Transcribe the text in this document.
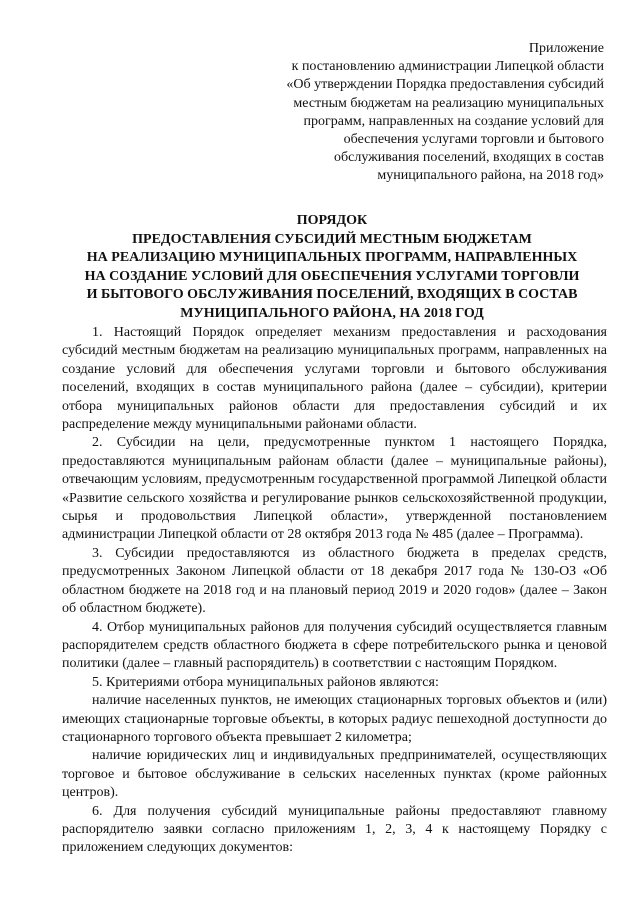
Приложение
к постановлению администрации Липецкой области
«Об утверждении Порядка предоставления субсидий
местным бюджетам на реализацию муниципальных
программ, направленных на создание условий для
обеспечения услугами торговли и бытового
обслуживания поселений, входящих в состав
муниципального района, на 2018 год»
ПОРЯДОК
ПРЕДОСТАВЛЕНИЯ СУБСИДИЙ МЕСТНЫМ БЮДЖЕТАМ
НА РЕАЛИЗАЦИЮ МУНИЦИПАЛЬНЫХ ПРОГРАММ, НАПРАВЛЕННЫХ
НА СОЗДАНИЕ УСЛОВИЙ ДЛЯ ОБЕСПЕЧЕНИЯ УСЛУГАМИ ТОРГОВЛИ
И БЫТОВОГО ОБСЛУЖИВАНИЯ ПОСЕЛЕНИЙ, ВХОДЯЩИХ В СОСТАВ
МУНИЦИПАЛЬНОГО РАЙОНА, НА 2018 ГОД

1. Настоящий Порядок определяет механизм предоставления и расходования субсидий местным бюджетам на реализацию муниципальных программ, направленных на создание условий для обеспечения услугами торговли и бытового обслуживания поселений, входящих в состав муниципального района (далее – субсидии), критерии отбора муниципальных районов области для предоставления субсидий и их распределение между муниципальными районами области.

2. Субсидии на цели, предусмотренные пунктом 1 настоящего Порядка, предоставляются муниципальным районам области (далее – муниципальные районы), отвечающим условиям, предусмотренным государственной программой Липецкой области «Развитие сельского хозяйства и регулирование рынков сельскохозяйственной продукции, сырья и продовольствия Липецкой области», утвержденной постановлением администрации Липецкой области от 28 октября 2013 года № 485 (далее – Программа).

3. Субсидии предоставляются из областного бюджета в пределах средств, предусмотренных Законом Липецкой области от 18 декабря 2017 года № 130-ОЗ «Об областном бюджете на 2018 год и на плановый период 2019 и 2020 годов» (далее – Закон об областном бюджете).

4. Отбор муниципальных районов для получения субсидий осуществляется главным распорядителем средств областного бюджета в сфере потребительского рынка и ценовой политики (далее – главный распорядитель) в соответствии с настоящим Порядком.

5. Критериями отбора муниципальных районов являются:

наличие населенных пунктов, не имеющих стационарных торговых объектов и (или) имеющих стационарные торговые объекты, в которых радиус пешеходной доступности до стационарного торгового объекта превышает 2 километра;

наличие юридических лиц и индивидуальных предпринимателей, осуществляющих торговое и бытовое обслуживание в сельских населенных пунктах (кроме районных центров).

6. Для получения субсидий муниципальные районы предоставляют главному распорядителю заявки согласно приложениям 1, 2, 3, 4 к настоящему Порядку с приложением следующих документов:
